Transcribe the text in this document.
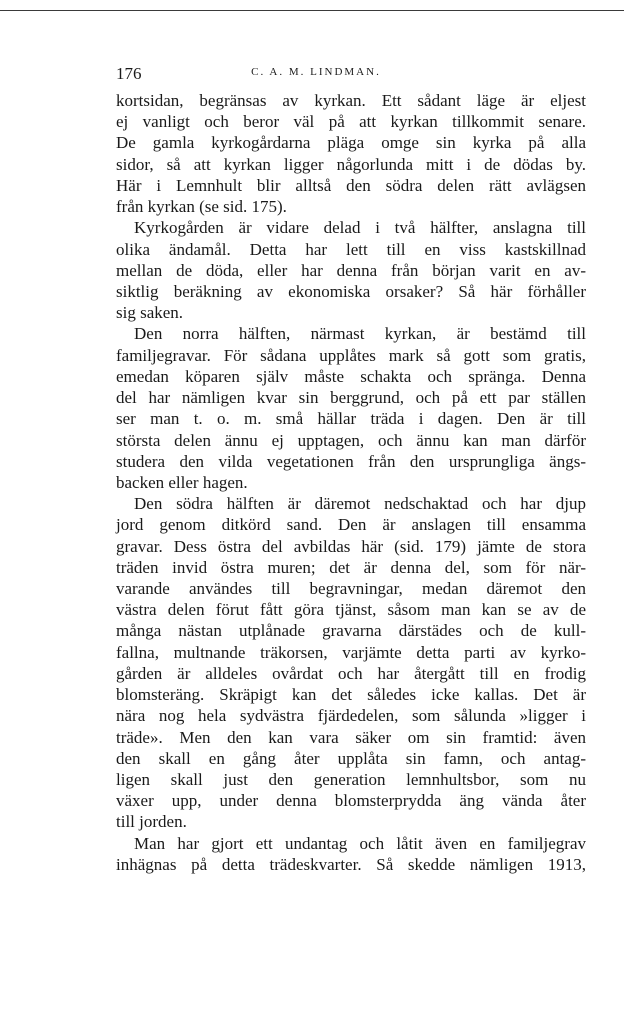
176	C. A. M. LINDMAN.
kortsidan, begränsas av kyrkan. Ett sådant läge är eljest
ej vanligt och beror väl på att kyrkan tillkommit senare.
De gamla kyrkogårdarna pläga omge sin kyrka på alla
sidor, så att kyrkan ligger någorlunda mitt i de dödas by.
Här i Lemnhult blir alltså den södra delen rätt avlägsen
från kyrkan (se sid. 175).
Kyrkogården är vidare delad i två hälfter, anslagna till
olika ändamål. Detta har lett till en viss kastskillnad
mellan de döda, eller har denna från början varit en av-
siktlig beräkning av ekonomiska orsaker? Så här förhåller
sig saken.
Den norra hälften, närmast kyrkan, är bestämd till
familjegravar. För sådana upplåtes mark så gott som gratis,
emedan köparen själv måste schakta och spränga. Denna
del har nämligen kvar sin berggrund, och på ett par ställen
ser man t. o. m. små hällar träda i dagen. Den är till
största delen ännu ej upptagen, och ännu kan man därför
studera den vilda vegetationen från den ursprungliga ängs-
backen eller hagen.
Den södra hälften är däremot nedschaktad och har djup
jord genom ditkörd sand. Den är anslagen till ensamma
gravar. Dess östra del avbildas här (sid. 179) jämte de stora
träden invid östra muren; det är denna del, som för när-
varande användes till begravningar, medan däremot den
västra delen förut fått göra tjänst, såsom man kan se av de
många nästan utplånade gravarna därstädes och de kull-
fallna, multnande träkorsen, varjämte detta parti av kyrko-
gården är alldeles ovårdat och har återgått till en frodig
blomsteräng. Skräpigt kan det således icke kallas. Det är
nära nog hela sydvästra fjärdedelen, som sålunda »ligger i
träde». Men den kan vara säker om sin framtid: även
den skall en gång åter upplåta sin famn, och antag-
ligen skall just den generation lemnhultsbor, som nu
växer upp, under denna blomsterprydda äng vända åter
till jorden.
Man har gjort ett undantag och låtit även en familjegrav
inhägnas på detta trädeskvarter. Så skedde nämligen 1913,
